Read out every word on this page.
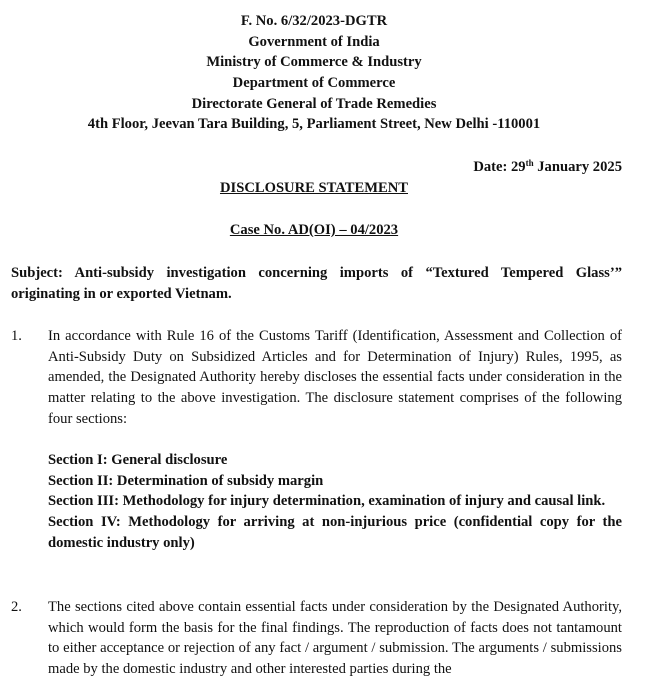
F. No. 6/32/2023-DGTR
Government of India
Ministry of Commerce & Industry
Department of Commerce
Directorate General of Trade Remedies
4th Floor, Jeevan Tara Building, 5, Parliament Street, New Delhi -110001
Date: 29th January 2025
DISCLOSURE STATEMENT
Case No. AD(OI) – 04/2023
Subject: Anti-subsidy investigation concerning imports of “Textured Tempered Glass’” originating in or exported Vietnam.
1. In accordance with Rule 16 of the Customs Tariff (Identification, Assessment and Collection of Anti-Subsidy Duty on Subsidized Articles and for Determination of Injury) Rules, 1995, as amended, the Designated Authority hereby discloses the essential facts under consideration in the matter relating to the above investigation. The disclosure statement comprises of the following four sections:
Section I: General disclosure
Section II: Determination of subsidy margin
Section III: Methodology for injury determination, examination of injury and causal link.
Section IV: Methodology for arriving at non-injurious price (confidential copy for the domestic industry only)
2. The sections cited above contain essential facts under consideration by the Designated Authority, which would form the basis for the final findings. The reproduction of facts does not tantamount to either acceptance or rejection of any fact / argument / submission. The arguments / submissions made by the domestic industry and other interested parties during the
